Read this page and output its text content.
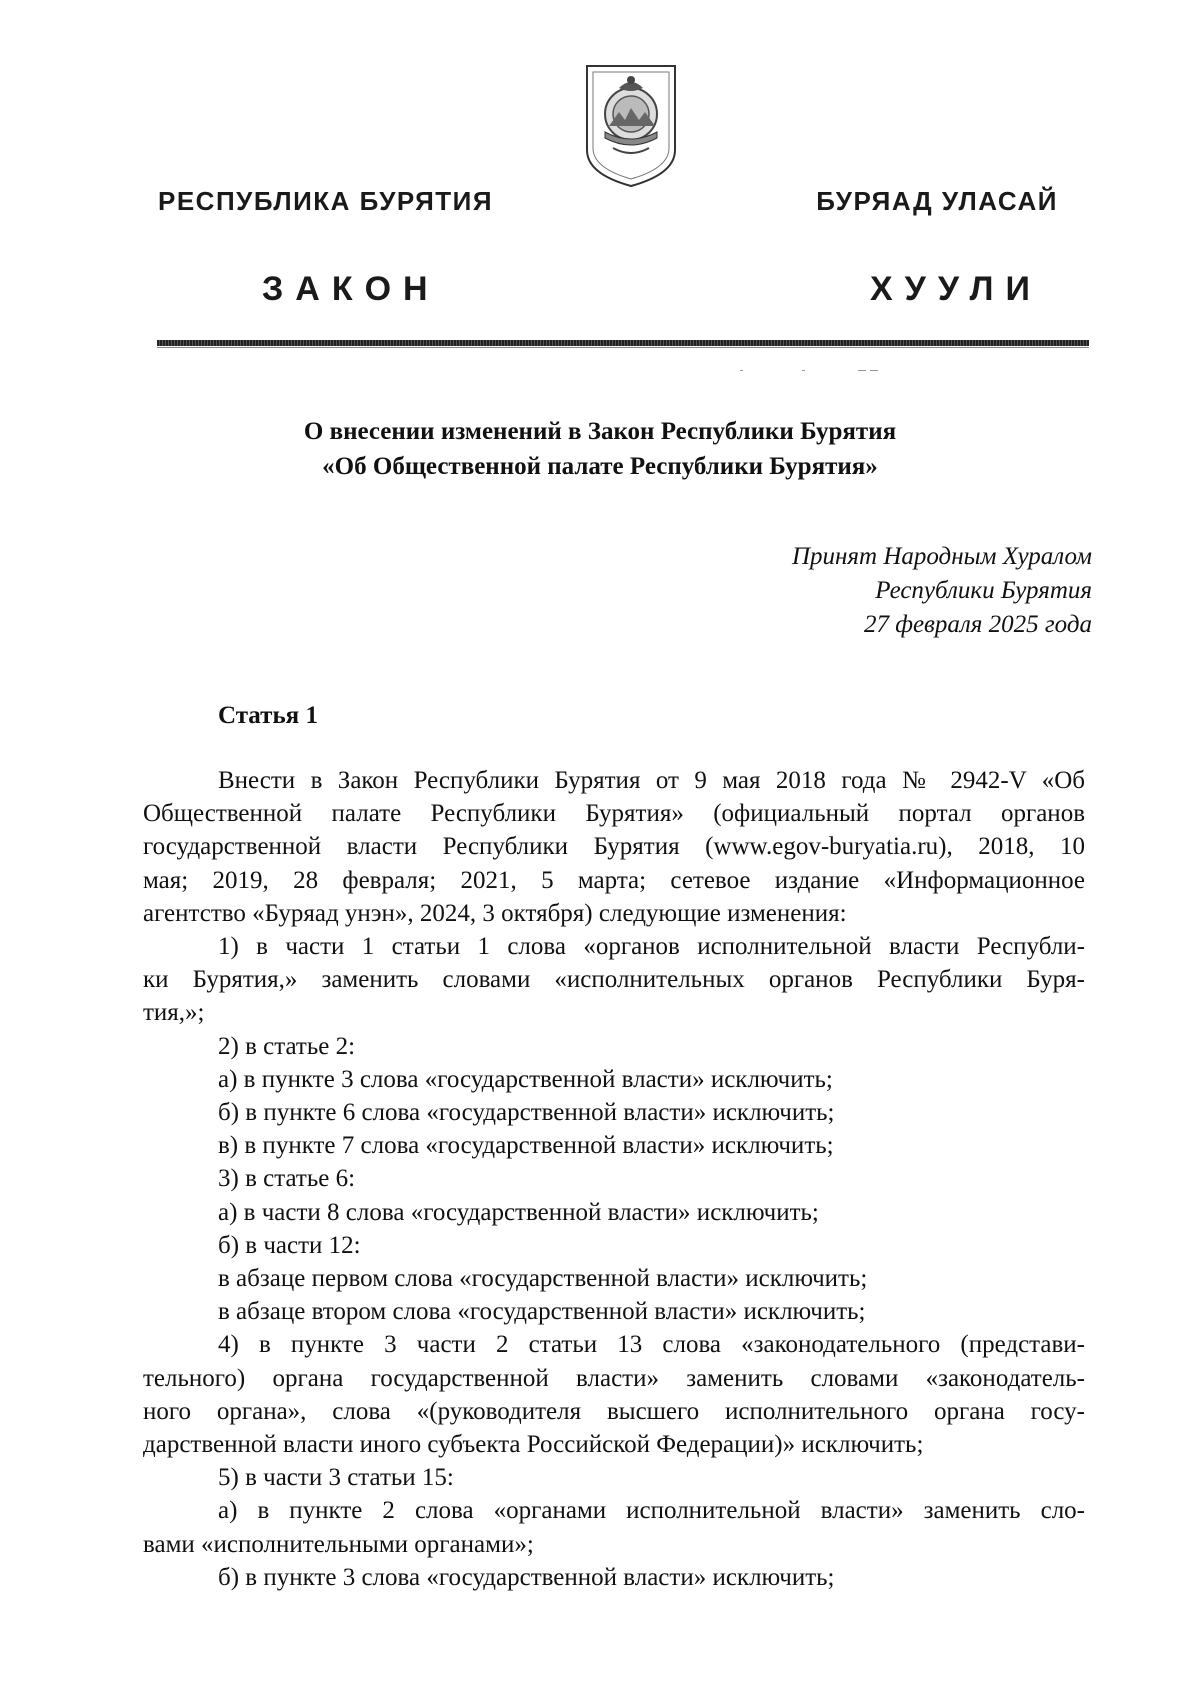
РЕСПУБЛИКА БУРЯТИЯ	БУРЯАД УЛАСАЙ
ЗАКОН	ХУУЛИ
О внесении изменений в Закон Республики Бурятия
«Об Общественной палате Республики Бурятия»
Принят Народным Хуралом
Республики Бурятия
27 февраля 2025 года
Статья 1
Внести в Закон Республики Бурятия от 9 мая 2018 года № 2942-V «Об
Общественной палате Республики Бурятия» (официальный портал органов
государственной власти Республики Бурятия (www.egov-buryatia.ru), 2018, 10
мая; 2019, 28 февраля; 2021, 5 марта; сетевое издание «Информационное
агентство «Буряад унэн», 2024, 3 октября) следующие изменения:
1) в части 1 статьи 1 слова «органов исполнительной власти Республи-
ки Бурятия,» заменить словами «исполнительных органов Республики Буря-
тия,»;
2) в статье 2:
а) в пункте 3 слова «государственной власти» исключить;
б) в пункте 6 слова «государственной власти» исключить;
в) в пункте 7 слова «государственной власти» исключить;
3) в статье 6:
а) в части 8 слова «государственной власти» исключить;
б) в части 12:
в абзаце первом слова «государственной власти» исключить;
в абзаце втором слова «государственной власти» исключить;
4) в пункте 3 части 2 статьи 13 слова «законодательного (представи-
тельного) органа государственной власти» заменить словами «законодатель-
ного органа», слова «(руководителя высшего исполнительного органа госу-
дарственной власти иного субъекта Российской Федерации)» исключить;
5) в части 3 статьи 15:
а) в пункте 2 слова «органами исполнительной власти» заменить сло-
вами «исполнительными органами»;
б) в пункте 3 слова «государственной власти» исключить;
